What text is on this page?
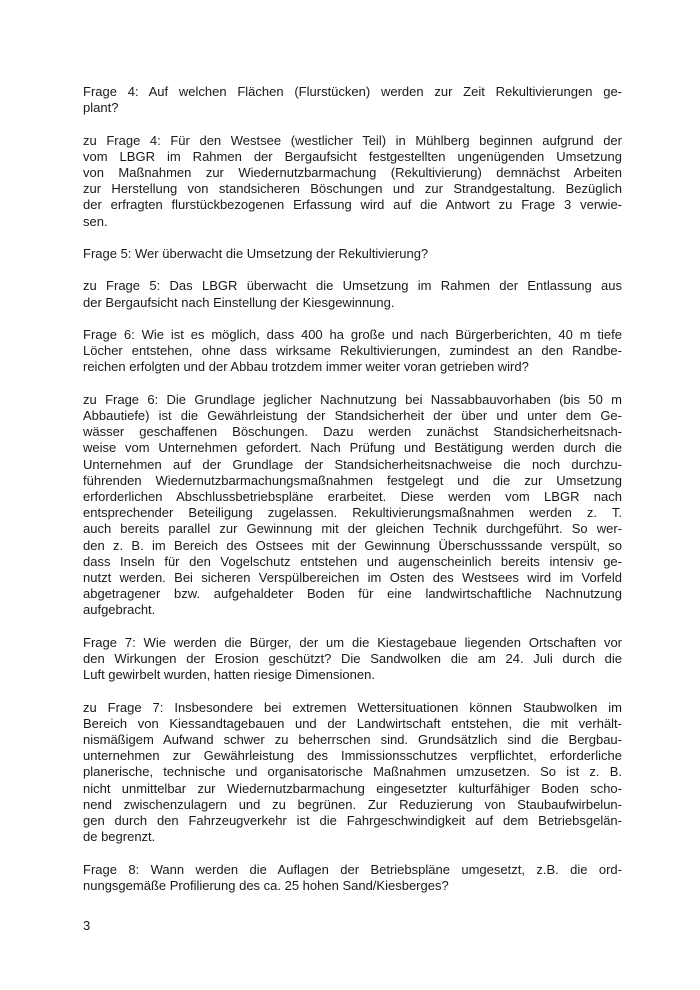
Frage 4: Auf welchen Flächen (Flurstücken) werden zur Zeit Rekultivierungen ge-
plant?
zu Frage 4: Für den Westsee (westlicher Teil) in Mühlberg beginnen aufgrund der
vom LBGR im Rahmen der Bergaufsicht festgestellten ungenügenden Umsetzung
von Maßnahmen zur Wiedernutzbarmachung (Rekultivierung) demnächst Arbeiten
zur Herstellung von standsicheren Böschungen und zur Strandgestaltung. Bezüglich
der erfragten flurstückbezogenen Erfassung wird auf die Antwort zu Frage 3 verwie-
sen.
Frage 5: Wer überwacht die Umsetzung der Rekultivierung?
zu Frage 5: Das LBGR überwacht die Umsetzung im Rahmen der Entlassung aus
der Bergaufsicht nach Einstellung der Kiesgewinnung.
Frage 6: Wie ist es möglich, dass 400 ha große und nach Bürgerberichten, 40 m tiefe
Löcher entstehen, ohne dass wirksame Rekultivierungen, zumindest an den Randbe-
reichen erfolgten und der Abbau trotzdem immer weiter voran getrieben wird?
zu Frage 6: Die Grundlage jeglicher Nachnutzung bei Nassabbauvorhaben (bis 50 m
Abbautiefe) ist die Gewährleistung der Standsicherheit der über und unter dem Ge-
wässer geschaffenen Böschungen. Dazu werden zunächst Standsicherheitsnach-
weise vom Unternehmen gefordert. Nach Prüfung und Bestätigung werden durch die
Unternehmen auf der Grundlage der Standsicherheitsnachweise die noch durchzu-
führenden Wiedernutzbarmachungsmaßnahmen festgelegt und die zur Umsetzung
erforderlichen Abschlussbetriebspläne erarbeitet. Diese werden vom LBGR nach
entsprechender Beteiligung zugelassen. Rekultivierungsmaßnahmen werden z. T.
auch bereits parallel zur Gewinnung mit der gleichen Technik durchgeführt. So wer-
den z. B. im Bereich des Ostsees mit der Gewinnung Überschusssande verspült, so
dass Inseln für den Vogelschutz entstehen und augenscheinlich bereits intensiv ge-
nutzt werden. Bei sicheren Verspülbereichen im Osten des Westsees wird im Vorfeld
abgetragener bzw. aufgehaldeter Boden für eine landwirtschaftliche Nachnutzung
aufgebracht.
Frage 7: Wie werden die Bürger, der um die Kiestagebaue liegenden Ortschaften vor
den Wirkungen der Erosion geschützt? Die Sandwolken die am 24. Juli durch die
Luft gewirbelt wurden, hatten riesige Dimensionen.
zu Frage 7: Insbesondere bei extremen Wettersituationen können Staubwolken im
Bereich von Kiessandtagebauen und der Landwirtschaft entstehen, die mit verhält-
nismäßigem Aufwand schwer zu beherrschen sind. Grundsätzlich sind die Bergbau-
unternehmen zur Gewährleistung des Immissionsschutzes verpflichtet, erforderliche
planerische, technische und organisatorische Maßnahmen umzusetzen. So ist z. B.
nicht unmittelbar zur Wiedernutzbarmachung eingesetzter kulturfähiger Boden scho-
nend zwischenzulagern und zu begrünen. Zur Reduzierung von Staubaufwirbelun-
gen durch den Fahrzeugverkehr ist die Fahrgeschwindigkeit auf dem Betriebsgelän-
de begrenzt.
Frage 8: Wann werden die Auflagen der Betriebspläne umgesetzt, z.B. die ord-
nungsgemäße Profilierung des ca. 25 hohen Sand/Kiesberges?
3
